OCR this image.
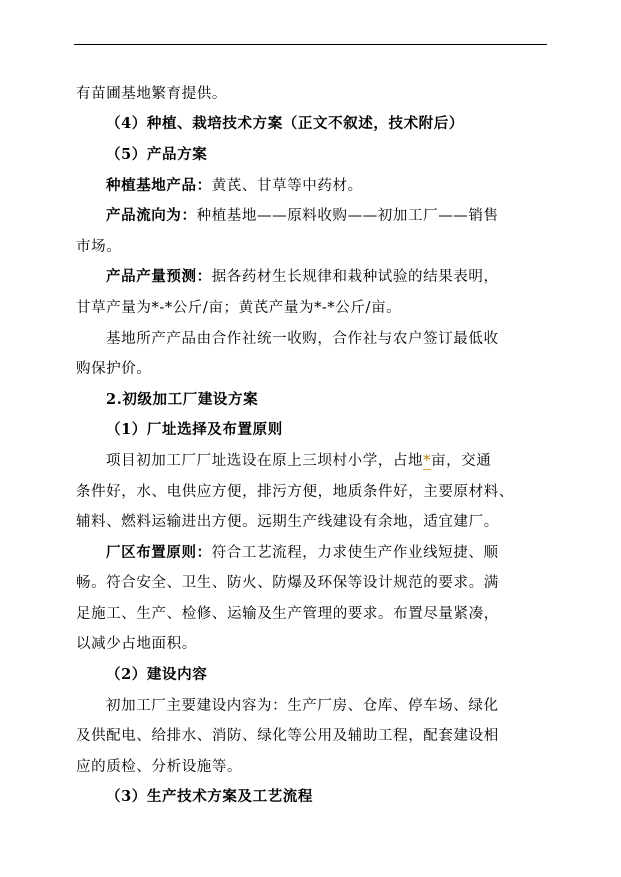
有苗圃基地繁育提供。
（4）种植、栽培技术方案（正文不叙述，技术附后）
（5）产品方案
种植基地产品：黄芪、甘草等中药材。
产品流向为：种植基地——原料收购——初加工厂——销售
市场。
产品产量预测：据各药材生长规律和栽种试验的结果表明，
甘草产量为*-*公斤/亩；黄芪产量为*-*公斤/亩。
基地所产产品由合作社统一收购，合作社与农户签订最低收
购保护价。
2.初级加工厂建设方案
（1）厂址选择及布置原则
项目初加工厂厂址选设在原上三坝村小学，占地*亩，交通
条件好，水、电供应方便，排污方便，地质条件好，主要原材料、
辅料、燃料运输进出方便。远期生产线建设有余地，适宜建厂。
厂区布置原则：符合工艺流程，力求使生产作业线短捷、顺
畅。符合安全、卫生、防火、防爆及环保等设计规范的要求。满
足施工、生产、检修、运输及生产管理的要求。布置尽量紧凑，
以减少占地面积。
（2）建设内容
初加工厂主要建设内容为：生产厂房、仓库、停车场、绿化
及供配电、给排水、消防、绿化等公用及辅助工程，配套建设相
应的质检、分析设施等。
（3）生产技术方案及工艺流程
